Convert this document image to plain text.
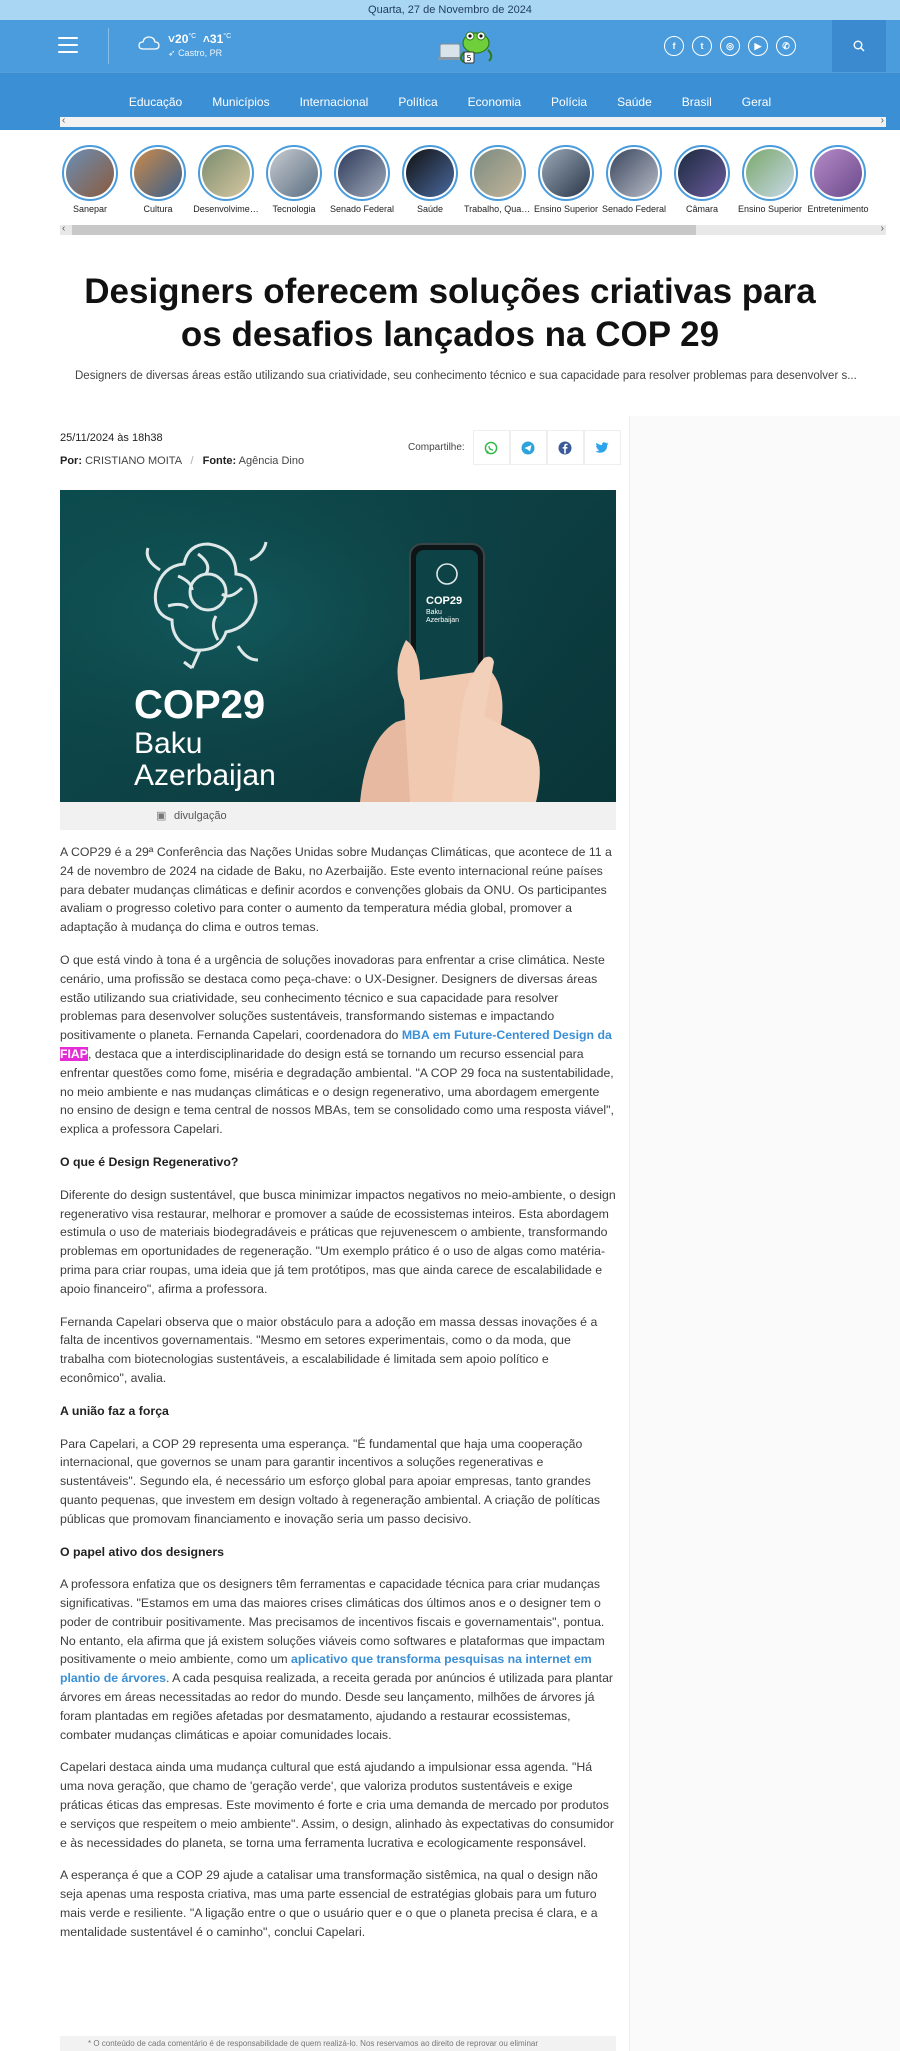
Quarta, 27 de Novembro de 2024
$˅20^{^\circ C}$ $˄31^{^\circ C}$
➶ Castro, PR
5
f	t	◎	▶	✆
Educação	Municípios	Internacional	Política	Economia	Polícia	Saúde	Brasil	Geral
‹	›
Sanepar	Cultura	Desenvolvime…	Tecnologia	Senado Federal	Saúde	Trabalho, Qual…	Ensino Superior Senado Federal	Câmara	Ensino Superior Entretenimento
‹	›
Designers oferecem soluções criativas para os desafios lançados na COP 29
Designers de diversas áreas estão utilizando sua criatividade, seu conhecimento técnico e sua capacidade para resolver problemas para desenvolver s...
25/11/2024 às 18h38
Por: CRISTIANO MOITA / Fonte: Agência Dino
Compartilhe:
COP29
Baku
Azerbaijan
COP29
Baku
Azerbaijan
▣ divulgação

A COP29 é a 29ª Conferência das Nações Unidas sobre Mudanças Climáticas, que acontece de 11 a 24 de novembro de 2024 na cidade de Baku, no Azerbaijão. Este evento internacional reúne países para debater mudanças climáticas e definir acordos e convenções globais da ONU. Os participantes avaliam o progresso coletivo para conter o aumento da temperatura média global, promover a adaptação à mudança do clima e outros temas.

O que está vindo à tona é a urgência de soluções inovadoras para enfrentar a crise climática. Neste cenário, uma profissão se destaca como peça-chave: o UX-Designer. Designers de diversas áreas estão utilizando sua criatividade, seu conhecimento técnico e sua capacidade para resolver problemas para desenvolver soluções sustentáveis, transformando sistemas e impactando positivamente o planeta. Fernanda Capelari, coordenadora do MBA em Future-Centered Design da FIAP, destaca que a interdisciplinaridade do design está se tornando um recurso essencial para enfrentar questões como fome, miséria e degradação ambiental. "A COP 29 foca na sustentabilidade, no meio ambiente e nas mudanças climáticas e o design regenerativo, uma abordagem emergente no ensino de design e tema central de nossos MBAs, tem se consolidado como uma resposta viável", explica a professora Capelari.

O que é Design Regenerativo?

Diferente do design sustentável, que busca minimizar impactos negativos no meio-ambiente, o design regenerativo visa restaurar, melhorar e promover a saúde de ecossistemas inteiros. Esta abordagem estimula o uso de materiais biodegradáveis e práticas que rejuvenescem o ambiente, transformando problemas em oportunidades de regeneração. "Um exemplo prático é o uso de algas como matéria-prima para criar roupas, uma ideia que já tem protótipos, mas que ainda carece de escalabilidade e apoio financeiro", afirma a professora.

Fernanda Capelari observa que o maior obstáculo para a adoção em massa dessas inovações é a falta de incentivos governamentais. "Mesmo em setores experimentais, como o da moda, que trabalha com biotecnologias sustentáveis, a escalabilidade é limitada sem apoio político e econômico", avalia.

A união faz a força

Para Capelari, a COP 29 representa uma esperança. "É fundamental que haja uma cooperação internacional, que governos se unam para garantir incentivos a soluções regenerativas e sustentáveis". Segundo ela, é necessário um esforço global para apoiar empresas, tanto grandes quanto pequenas, que investem em design voltado à regeneração ambiental. A criação de políticas públicas que promovam financiamento e inovação seria um passo decisivo.

O papel ativo dos designers

A professora enfatiza que os designers têm ferramentas e capacidade técnica para criar mudanças significativas. "Estamos em uma das maiores crises climáticas dos últimos anos e o designer tem o poder de contribuir positivamente. Mas precisamos de incentivos fiscais e governamentais", pontua. No entanto, ela afirma que já existem soluções viáveis como softwares e plataformas que impactam positivamente o meio ambiente, como um aplicativo que transforma pesquisas na internet em plantio de árvores. A cada pesquisa realizada, a receita gerada por anúncios é utilizada para plantar árvores em áreas necessitadas ao redor do mundo. Desde seu lançamento, milhões de árvores já foram plantadas em regiões afetadas por desmatamento, ajudando a restaurar ecossistemas, combater mudanças climáticas e apoiar comunidades locais.

Capelari destaca ainda uma mudança cultural que está ajudando a impulsionar essa agenda. "Há uma nova geração, que chamo de 'geração verde', que valoriza produtos sustentáveis e exige práticas éticas das empresas. Este movimento é forte e cria uma demanda de mercado por produtos e serviços que respeitem o meio ambiente". Assim, o design, alinhado às expectativas do consumidor e às necessidades do planeta, se torna uma ferramenta lucrativa e ecologicamente responsável.

A esperança é que a COP 29 ajude a catalisar uma transformação sistêmica, na qual o design não seja apenas uma resposta criativa, mas uma parte essencial de estratégias globais para um futuro mais verde e resiliente. "A ligação entre o que o usuário quer e o que o planeta precisa é clara, e a mentalidade sustentável é o caminho", conclui Capelari.

* O conteúdo de cada comentário é de responsabilidade de quem realizá-lo. Nos reservamos ao direito de reprovar ou eliminar
